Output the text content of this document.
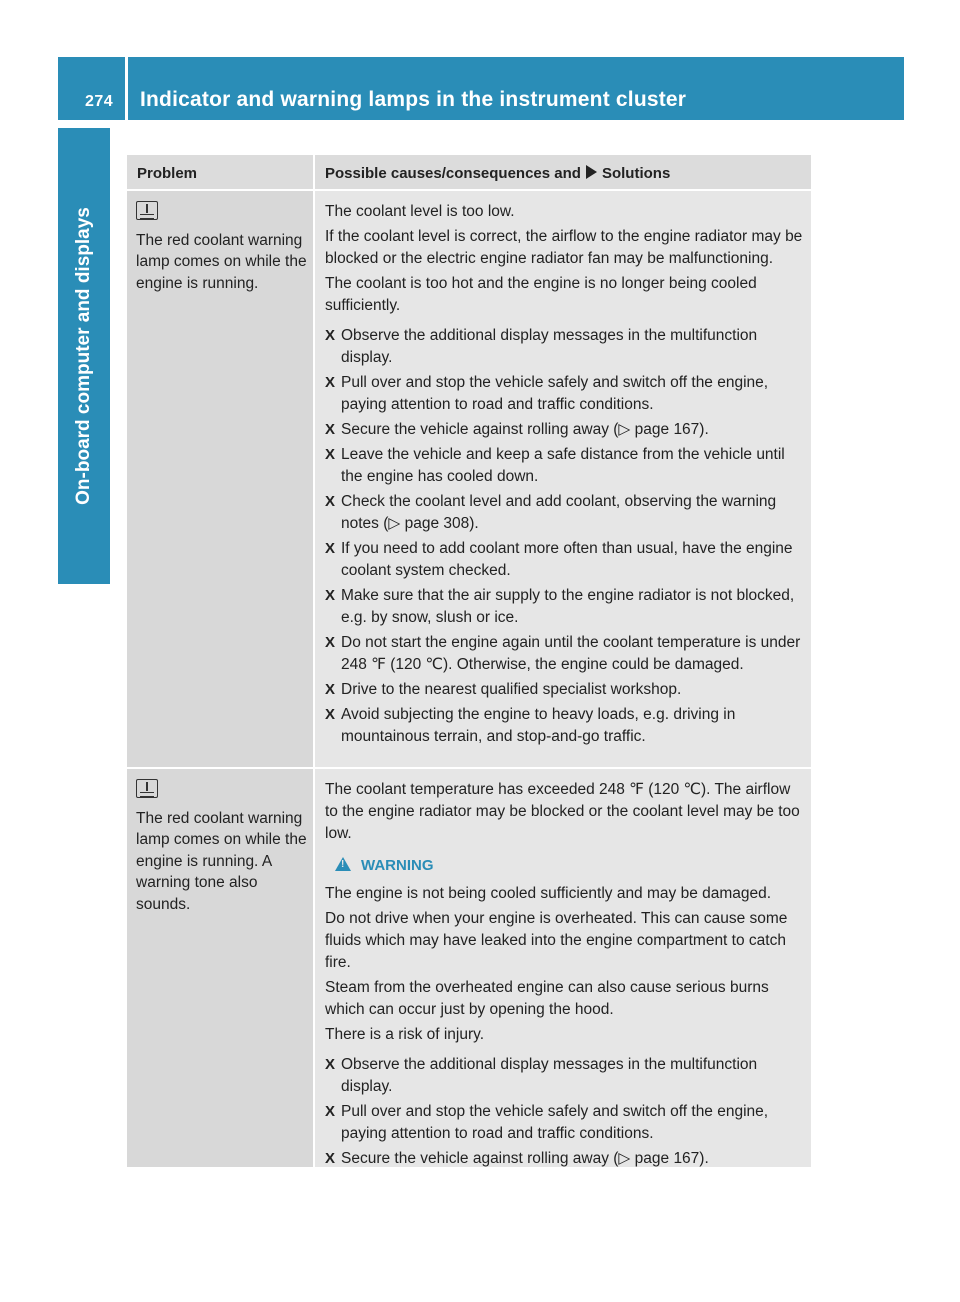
274	Indicator and warning lamps in the instrument cluster
On-board computer and displays
Problem	Possible causes/consequences and Solutions
The red coolant warning lamp comes on while the engine is running.
The coolant level is too low.
If the coolant level is correct, the airflow to the engine radiator may be blocked or the electric engine radiator fan may be malfunctioning.
The coolant is too hot and the engine is no longer being cooled sufficiently.
X Observe the additional display messages in the multifunction display.
X Pull over and stop the vehicle safely and switch off the engine, paying attention to road and traffic conditions.
X Secure the vehicle against rolling away (▷ page 167).
X Leave the vehicle and keep a safe distance from the vehicle until the engine has cooled down.
X Check the coolant level and add coolant, observing the warning notes (▷ page 308).
X If you need to add coolant more often than usual, have the engine coolant system checked.
X Make sure that the air supply to the engine radiator is not blocked, e.g. by snow, slush or ice.
X Do not start the engine again until the coolant temperature is under 248 ℉ (120 ℃). Otherwise, the engine could be damaged.
X Drive to the nearest qualified specialist workshop.
X Avoid subjecting the engine to heavy loads, e.g. driving in mountainous terrain, and stop-and-go traffic.
The red coolant warning lamp comes on while the engine is running. A warning tone also sounds.
The coolant temperature has exceeded 248 ℉ (120 ℃). The airflow to the engine radiator may be blocked or the coolant level may be too low.
!WARNING
The engine is not being cooled sufficiently and may be damaged.
Do not drive when your engine is overheated. This can cause some fluids which may have leaked into the engine compartment to catch fire.
Steam from the overheated engine can also cause serious burns which can occur just by opening the hood.
There is a risk of injury.
X Observe the additional display messages in the multifunction display.
X Pull over and stop the vehicle safely and switch off the engine, paying attention to road and traffic conditions.
X Secure the vehicle against rolling away (▷ page 167).
